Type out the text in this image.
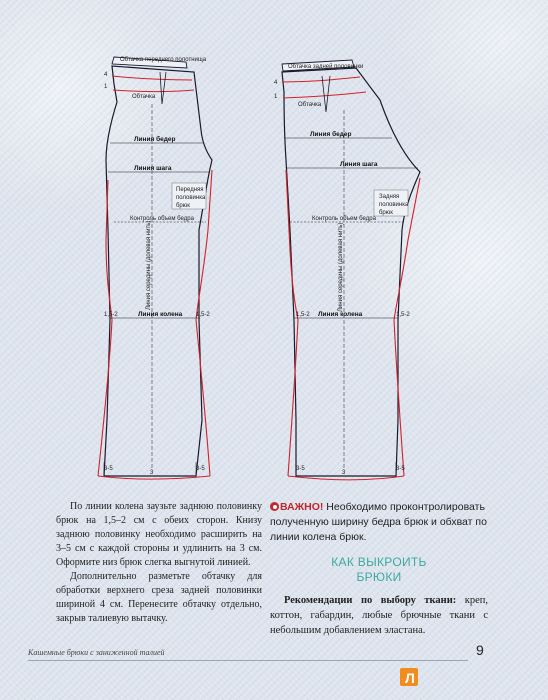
Обтачка переднего полотнища
Обтачка
4
1
Линия бедер
Линия шага
Передняя
половинка
брюк
Контроль объем бедра
Линия середины (долевая нить)
Линия колена
1,5-2	1,5-2
3-5	3-5
3
Обтачка задней половинки
Обтачка
4
1
Линия бедер
Линия шага
Задняя
половинка
брюк
Контроль объем бедра
Линия середины (долевая нить)
Линия колена
1,5-2	1,5-2
3-5	3-5
3

По линии колена заузьте заднюю половинку брюк на 1,5–2 см с обеих сторон. Книзу заднюю половинку необходимо расширить на 3–5 см с каждой стороны и удлинить на 3 см. Оформите низ брюк слегка выгнутой линией.

Дополнительно разметьте обтачку для обработки верхнего среза задней половинки шириной 4 см. Перенесите обтачку отдельно, закрыв талиевую вытачку.

ВАЖНО! Необходимо проконтролировать полученную ширину бедра брюк и обхват по линии колена брюк.

КАК ВЫКРОИТЬ
БРЮКИ

Рекомендации по выбору ткани: креп, коттон, габардин, любые брючные ткани с небольшим добавлением эластана.

Кашемные брюки с заниженной талией	9
Л
